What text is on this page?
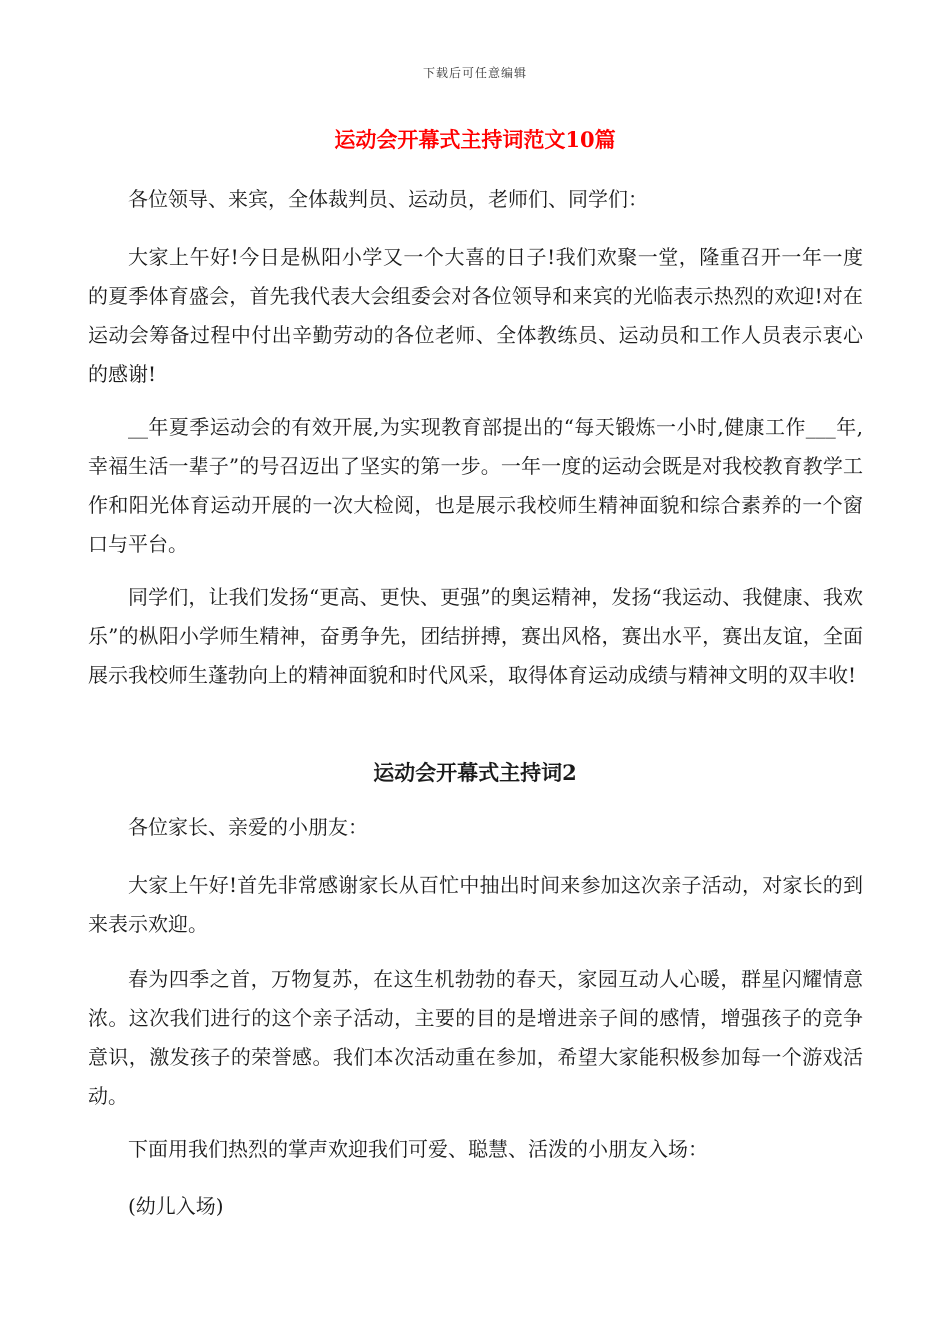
下载后可任意编辑
运动会开幕式主持词范文10篇

各位领导、来宾，全体裁判员、运动员，老师们、同学们：

大家上午好!今日是枞阳小学又一个大喜的日子!我们欢聚一堂，隆重召开一年一度的夏季体育盛会，首先我代表大会组委会对各位领导和来宾的光临表示热烈的欢迎!对在运动会筹备过程中付出辛勤劳动的各位老师、全体教练员、运动员和工作人员表示衷心的感谢!

__年夏季运动会的有效开展,为实现教育部提出的“每天锻炼一小时,健康工作___年,幸福生活一辈子”的号召迈出了坚实的第一步。一年一度的运动会既是对我校教育教学工作和阳光体育运动开展的一次大检阅，也是展示我校师生精神面貌和综合素养的一个窗口与平台。

同学们，让我们发扬“更高、更快、更强”的奥运精神，发扬“我运动、我健康、我欢乐”的枞阳小学师生精神，奋勇争先，团结拼搏，赛出风格，赛出水平，赛出友谊，全面展示我校师生蓬勃向上的精神面貌和时代风采，取得体育运动成绩与精神文明的双丰收!

运动会开幕式主持词2

各位家长、亲爱的小朋友：

大家上午好!首先非常感谢家长从百忙中抽出时间来参加这次亲子活动，对家长的到来表示欢迎。

春为四季之首，万物复苏，在这生机勃勃的春天，家园互动人心暖，群星闪耀情意浓。这次我们进行的这个亲子活动，主要的目的是增进亲子间的感情，增强孩子的竞争意识，激发孩子的荣誉感。我们本次活动重在参加，希望大家能积极参加每一个游戏活动。

下面用我们热烈的掌声欢迎我们可爱、聪慧、活泼的小朋友入场：

(幼儿入场)
